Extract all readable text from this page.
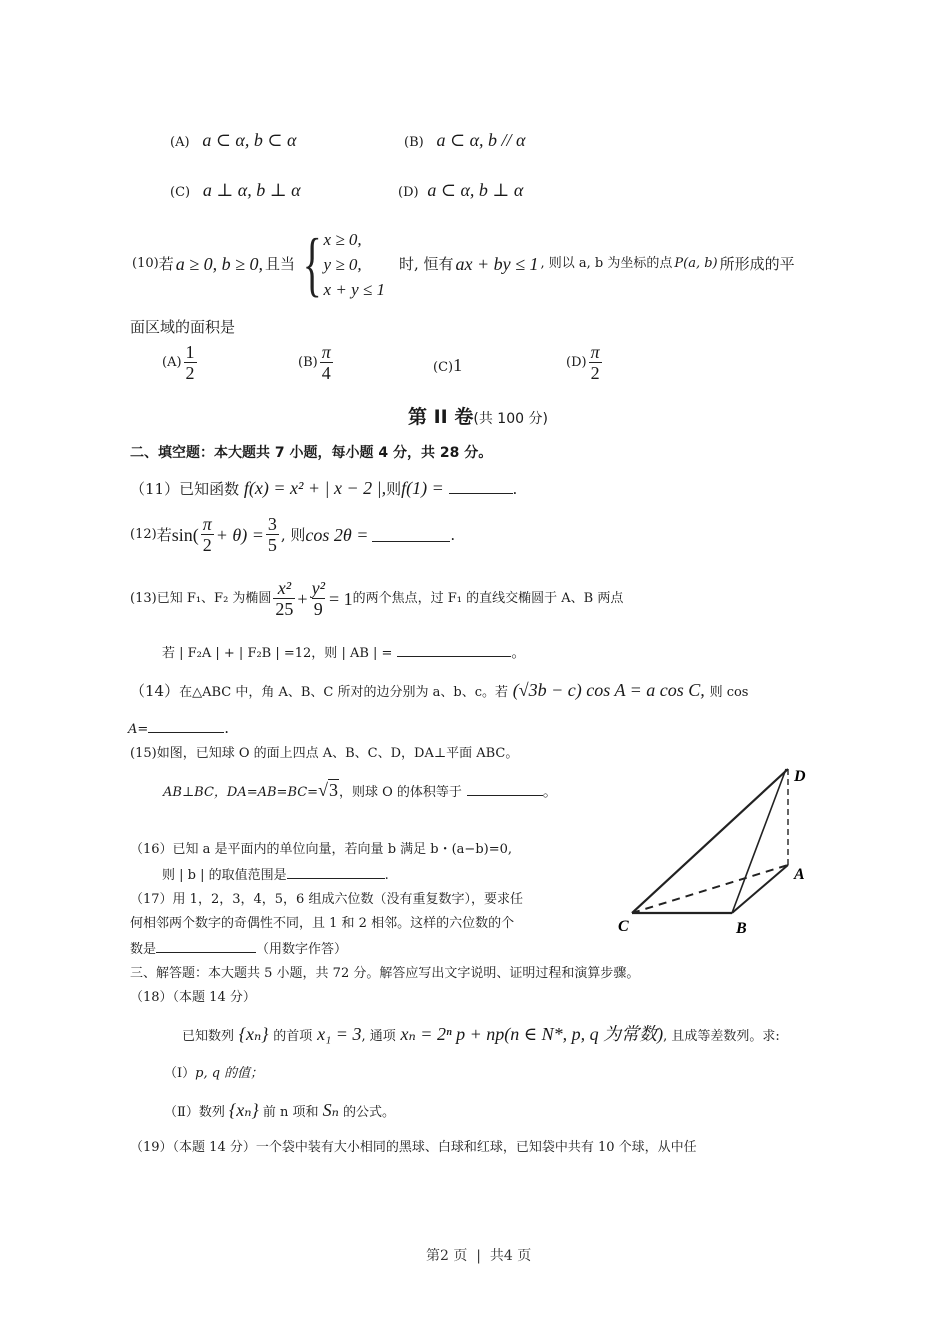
(A) a ⊂ α, b ⊂ α	(B) a ⊂ α, b // α
(C) a ⊥ α, b ⊥ α	(D) a ⊂ α, b ⊥ α
(10) 若 a ≥ 0, b ≥ 0, 且当 { x ≥ 0,
y ≥ 0,
x + y ≤ 1
时, 恒有 ax + by ≤ 1 , 则以 a, b 为坐标的点 P(a, b) 所形成的平
面区域的面积是
$(A) \frac{1}{2}$	$(B) \frac{\pi}{4}$	(C)1	$(D) \frac{\pi}{2}$
第 II 卷(共 100 分)
二、填空题：本大题共 7 小题，每小题 4 分，共 28 分。
（11）已知函数 f(x) = x² + | x − 2 |,则f(1) =	.
(12) 若 $\sin( \frac{\pi}{2} + \theta) = \frac{3}{5}$ , 则 cos 2θ =	.
(13) 已知 F₁、F₂ 为椭圆 $\frac{\text{x²}}{25} + \frac{\text{y²}}{9} = 1$ 的两个焦点，过 F₁ 的直线交椭圆于 A、B 两点
若 | F₂A | + | F₂B | =12，则 | AB | =	。
（14）在△ABC 中，角 A、B、C 所对的边分别为 a、b、c。若 (√3b − c) cos A = a cos C, 则 cos
A=	.
(15)如图，已知球 O 的面上四点 A、B、C、D，DA⊥平面 ABC。
AB⊥BC，DA=AB=BC=√3，则球 O 的体积等于	。
D
A
B
C
（16）已知 a 是平面内的单位向量，若向量 b 满足 b・(a−b)=0,
则 | b | 的取值范围是	.
（17）用 1，2，3，4，5，6 组成六位数（没有重复数字），要求任
何相邻两个数字的奇偶性不同，且 1 和 2 相邻。这样的六位数的个
数是	（用数字作答）
三、解答题：本大题共 5 小题，共 72 分。解答应写出文字说明、证明过程和演算步骤。
（18）（本题 14 分）
已知数列 {xₙ} 的首项 x₁ = 3, 通项 xₙ = 2ⁿ p + np(n ∈ N*, p, q 为常数), 且成等差数列。求:
（Ⅰ）p, q 的值；
（Ⅱ）数列 {xₙ} 前 n 项和 Sₙ 的公式。
（19）（本题 14 分）一个袋中装有大小相同的黑球、白球和红球，已知袋中共有 10 个球，从中任
第2 页  |  共4 页
